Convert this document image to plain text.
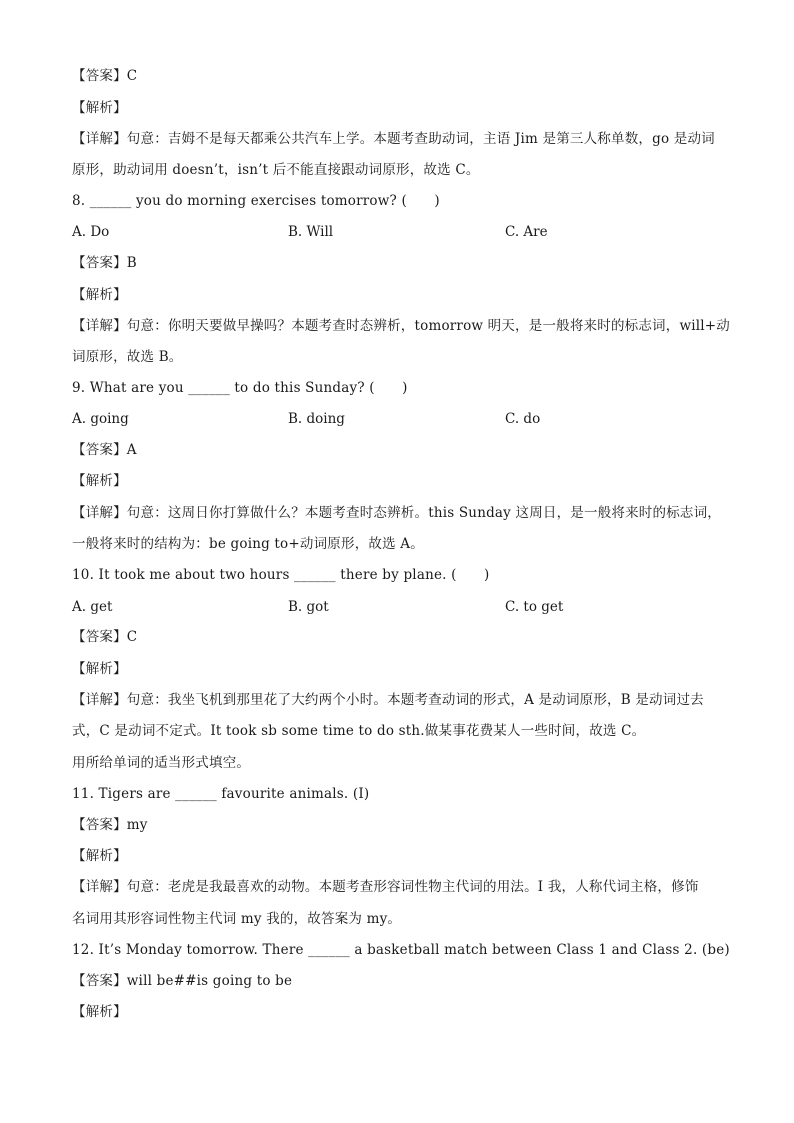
【答案】C
【解析】
【详解】句意：吉姆不是每天都乘公共汽车上学。本题考查助动词，主语 Jim 是第三人称单数，go 是动词
原形，助动词用 doesn’t，isn’t 后不能直接跟动词原形，故选 C。
8. ______ you do morning exercises tomorrow? (　　)
A. Do	B. Will	C. Are
【答案】B
【解析】
【详解】句意：你明天要做早操吗？本题考查时态辨析，tomorrow 明天，是一般将来时的标志词，will+动
词原形，故选 B。
9. What are you ______ to do this Sunday? (　　)
A. going	B. doing	C. do
【答案】A
【解析】
【详解】句意：这周日你打算做什么？本题考查时态辨析。this Sunday 这周日，是一般将来时的标志词，
一般将来时的结构为：be going to+动词原形，故选 A。
10. It took me about two hours ______ there by plane. (　　)
A. get	B. got	C. to get
【答案】C
【解析】
【详解】句意：我坐飞机到那里花了大约两个小时。本题考查动词的形式，A 是动词原形，B 是动词过去
式，C 是动词不定式。It took sb some time to do sth.做某事花费某人一些时间，故选 C。
用所给单词的适当形式填空。
11. Tigers are ______ favourite animals. (I)
【答案】my
【解析】
【详解】句意：老虎是我最喜欢的动物。本题考查形容词性物主代词的用法。I 我，人称代词主格，修饰
名词用其形容词性物主代词 my 我的，故答案为 my。
12. It’s Monday tomorrow. There ______ a basketball match between Class 1 and Class 2. (be)
【答案】will be##is going to be
【解析】
